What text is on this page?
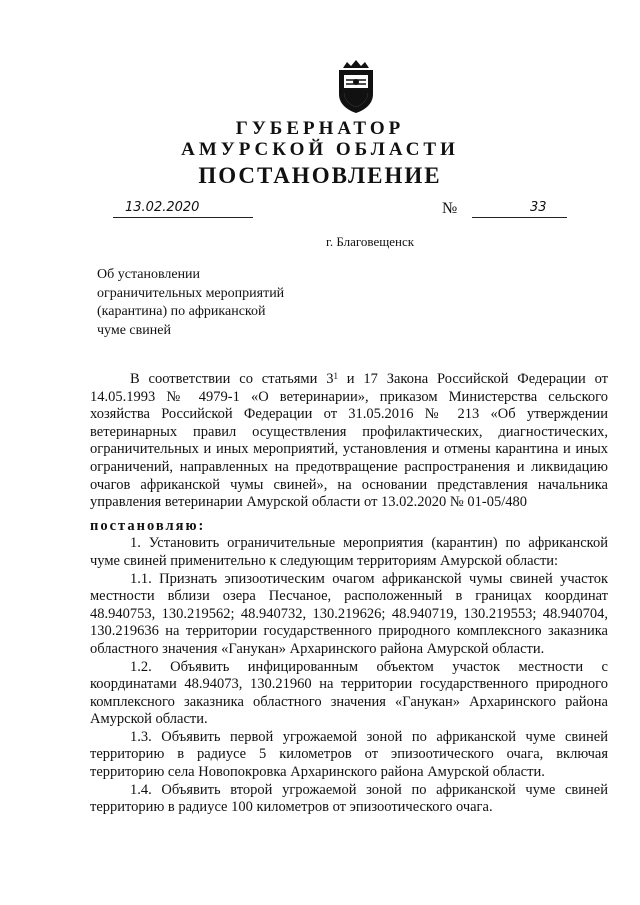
ГУБЕРНАТОР
АМУРСКОЙ ОБЛАСТИ
ПОСТАНОВЛЕНИЕ
13.02.2020	№	33
г. Благовещенск
Об установлении
ограничительных мероприятий
(карантина) по африканской
чуме свиней

В соответствии со статьями $3^1$ и 17 Закона Российской Федерации от 14.05.1993 № 4979-1 «О ветеринарии», приказом Министерства сельского хозяйства Российской Федерации от 31.05.2016 № 213 «Об утверждении ветеринарных правил осуществления профилактических, диагностических, ограничительных и иных мероприятий, установления и отмены карантина и иных ограничений, направленных на предотвращение распространения и ликвидацию очагов африканской чумы свиней», на основании представления начальника управления ветеринарии Амурской области от 13.02.2020 № 01-05/480

постановляю:

1. Установить ограничительные мероприятия (карантин) по африканской чуме свиней применительно к следующим территориям Амурской области:

1.1. Признать эпизоотическим очагом африканской чумы свиней участок местности вблизи озера Песчаное, расположенный в границах координат 48.940753, 130.219562; 48.940732, 130.219626; 48.940719, 130.219553; 48.940704, 130.219636 на территории государственного природного комплексного заказника областного значения «Ганукан» Архаринского района Амурской области.

1.2. Объявить инфицированным объектом участок местности с координатами 48.94073, 130.21960 на территории государственного природного комплексного заказника областного значения «Ганукан» Архаринского района Амурской области.

1.3. Объявить первой угрожаемой зоной по африканской чуме свиней территорию в радиусе 5 километров от эпизоотического очага, включая территорию села Новопокровка Архаринского района Амурской области.

1.4. Объявить второй угрожаемой зоной по африканской чуме свиней территорию в радиусе 100 километров от эпизоотического очага.
